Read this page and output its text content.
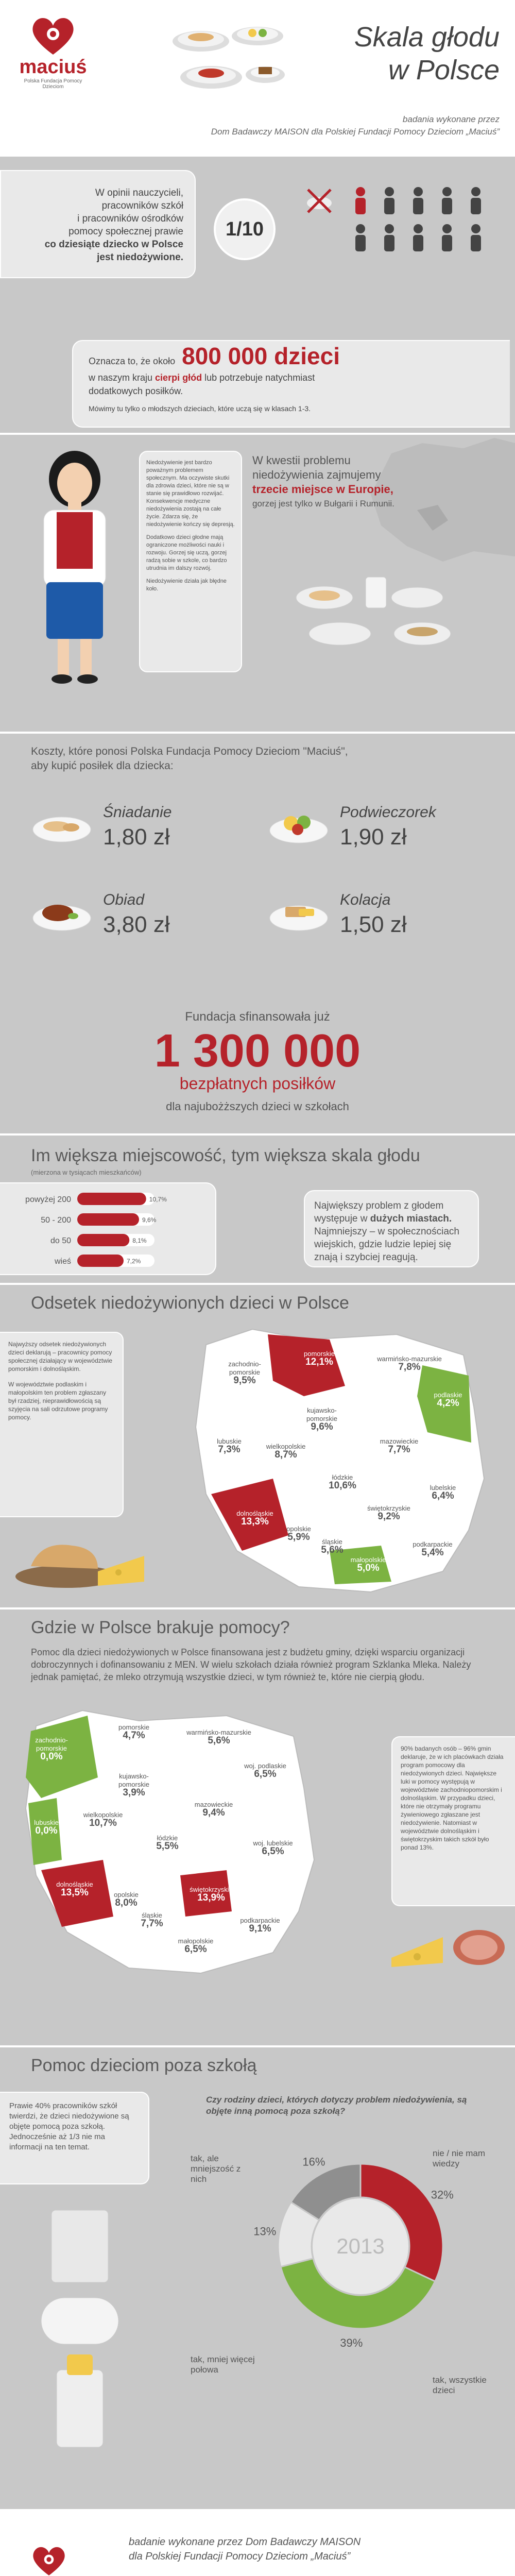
maciuś
Polska Fundacja Pomocy Dzieciom
Skala głodu
w Polsce
badania wykonane przez
Dom Badawczy MAISON dla Polskiej Fundacji Pomocy Dzieciom „Maciuś”
W opinii nauczycieli,
pracowników szkół
i pracowników ośrodków
pomocy społecznej prawie
co dziesiąte dziecko w Polsce
jest niedożywione.
1/10
Oznacza to, że około 800 000 dzieci
w naszym kraju cierpi głód lub potrzebuje natychmiast
dodatkowych posiłków.
Mówimy tu tylko o młodszych dzieciach, które uczą się w klasach 1-3.

Niedożywienie jest bardzo poważnym problemem społecznym. Ma oczywiste skutki dla zdrowia dzieci, które nie są w stanie się prawidłowo rozwijać. Konsekwencje medyczne niedożywienia zostają na całe życie. Zdarza się, że niedożywienie kończy się depresją.

Dodatkowo dzieci głodne mają ograniczone możliwości nauki i rozwoju. Gorzej się uczą, gorzej radzą sobie w szkole, co bardzo utrudnia im dalszy rozwój.

Niedożywienie działa jak błędne koło.

W kwestii problemu
niedożywienia zajmujemy
trzecie miejsce w Europie,
gorzej jest tylko w Bułgarii i Rumunii.
Koszty, które ponosi Polska Fundacja Pomocy Dzieciom "Maciuś",
aby kupić posiłek dla dziecka:
Śniadanie
1,80 zł
Podwieczorek
1,90 zł
Obiad
3,80 zł
Kolacja
1,50 zł
Fundacja sfinansowała już
1 300 000
bezpłatnych posiłków
dla najubożższych dzieci w szkołach
Im większa miejscowość, tym większa skala głodu
(mierzona w tysiącach mieszkańców)
powyżej 200	10,7%
50 - 200	9,6%
do 50	8,1%
wieś	7,2%
Największy problem z głodem
występuje w dużych miastach.
Najmniejszy – w społecznościach
wiejskich, gdzie ludzie lepiej się
znają i szybciej reagują.
Odsetek niedożywionych dzieci w Polsce

Najwyższy odsetek niedożywionych dzieci deklarują – pracownicy pomocy społecznej działający w województwie pomorskim i dolnośląskim.

W województwie podlaskim i małopolskim ten problem zgłaszany był rzadziej, nieprawidłowością są szyjęcia na sali odrzutowe programy pomocy.

pomorskie
12,1%	warmińsko-mazurskie
7,8%
zachodnio-pomorskie
9,5%
podlaskie
4,2%
kujawsko-pomorskie
9,6%
lubuskie
7,3%	wielkopolskie
8,7%
mazowieckie
7,7%
łódzkie
10,6%
dolnośląskie
13,3%
opolskie
5,9%
świętokrzyskie
9,2%
lubelskie
6,4%
śląskie
5,6%
małopolskie
5,0%
podkarpackie
5,4%
Gdzie w Polsce brakuje pomocy?
Pomoc dla dzieci niedożywionych w Polsce finansowana jest z budżetu gminy, dzięki wsparciu organizacji dobroczynnych i dofinansowaniu z MEN. W wielu szkołach działa również program Szklanka Mleka. Należy jednak pamiętać, że mleko otrzymują wszystkie dzieci, w tym również te, które nie cierpią głodu.
pomorskie
4,7%	warmińsko-mazurskie
5,6%
zachodnio-pomorskie
0,0%
woj. podlaskie
6,5%
kujawsko-pomorskie
3,9%
lubuskie
0,0%
wielkopolskie
10,7%
mazowieckie
9,4%
łódzkie
5,5%
dolnośląskie
13,5%	opolskie
8,0%
śląskie
7,7%
świętokrzyskie
13,9%
woj. lubelskie
6,5%
małopolskie
6,5%
podkarpackie
9,1%
90% badanych osób – 96% gmin deklaruje, że w ich placówkach działa program pomocowy dla niedożywionych dzieci. Największe luki w pomocy występują w województwie zachodniopomorskim i dolnośląskim. W przypadku dzieci, które nie otrzymały programu żywieniowego zgłaszane jest niedożywienie. Natomiast w województwie dolnośląskim i świętokrzyskim takich szkół było ponad 13%.
Pomoc dzieciom poza szkołą
Prawie 40% pracowników szkół twierdzi, że dzieci niedożywione są objęte pomocą poza szkołą. Jednocześnie aż 1/3 nie ma informacji na ten temat.
Czy rodziny dzieci, których dotyczy problem niedożywienia, są objęte inną pomocą poza szkołą?
32%
39%
13%
16%
2013
nie / nie mam wiedzy
tak, wszystkie dzieci
tak, mniej więcej połowa
tak, ale mniejszość z nich
badanie wykonane przez Dom Badawczy MAISON
dla Polskiej Fundacji Pomocy Dzieciom „Maciuś”
